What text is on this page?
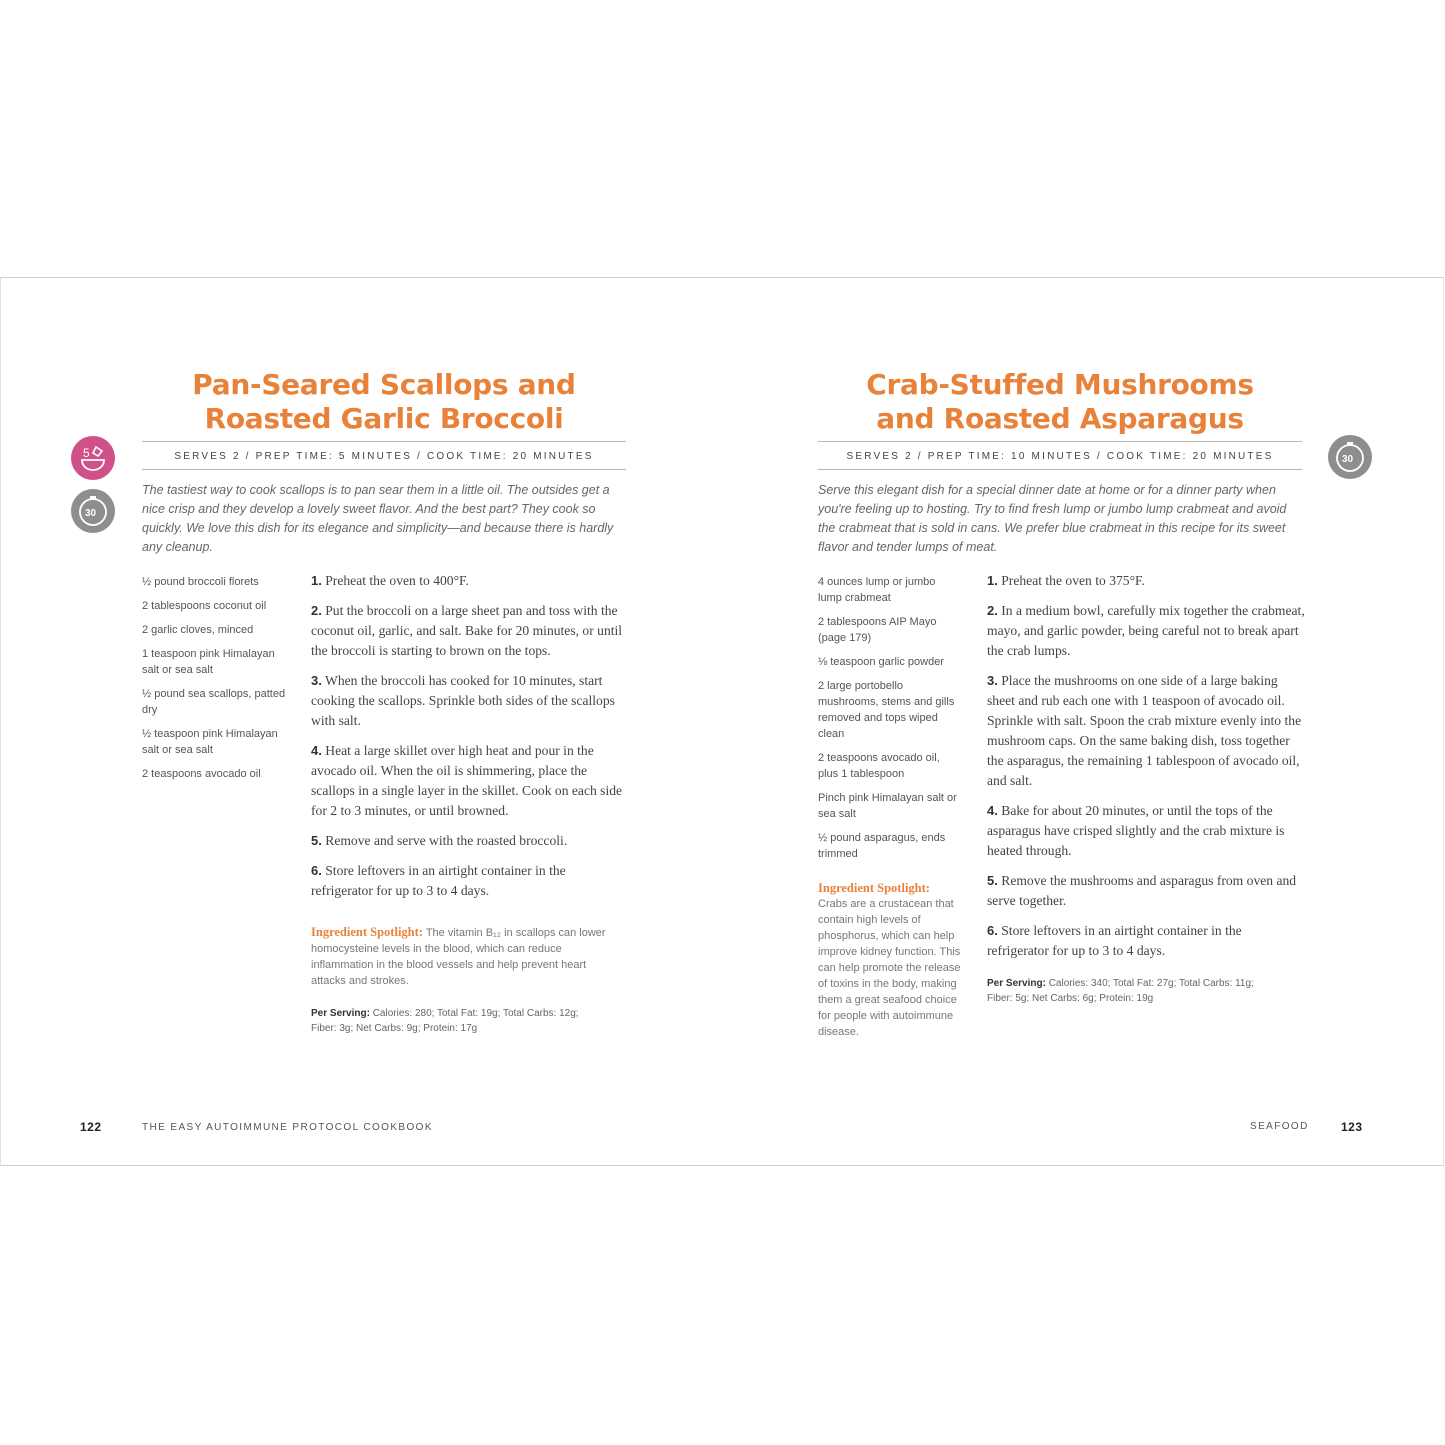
5
30
Pan-Seared Scallops and
Roasted Garlic Broccoli
SERVES 2 / PREP TIME: 5 MINUTES / COOK TIME: 20 MINUTES

The tastiest way to cook scallops is to pan sear them in a little oil. The outsides get a nice crisp and they develop a lovely sweet flavor. And the best part? They cook so quickly. We love this dish for its elegance and simplicity—and because there is hardly any cleanup.

½ pound broccoli florets
2 tablespoons coconut oil
2 garlic cloves, minced
1 teaspoon pink Himalayan salt or sea salt
½ pound sea scallops, patted dry
½ teaspoon pink Himalayan salt or sea salt
2 teaspoons avocado oil
1. Preheat the oven to 400°F.
2. Put the broccoli on a large sheet pan and toss with the coconut oil, garlic, and salt. Bake for 20 minutes, or until the broccoli is starting to brown on the tops.
3. When the broccoli has cooked for 10 minutes, start cooking the scallops. Sprinkle both sides of the scallops with salt.
4. Heat a large skillet over high heat and pour in the avocado oil. When the oil is shimmering, place the scallops in a single layer in the skillet. Cook on each side for 2 to 3 minutes, or until browned.
5. Remove and serve with the roasted broccoli.
6. Store leftovers in an airtight container in the refrigerator for up to 3 to 4 days.
Ingredient Spotlight: The vitamin B₁₂ in scallops can lower homocysteine levels in the blood, which can reduce inflammation in the blood vessels and help prevent heart attacks and strokes.
Per Serving: Calories: 280; Total Fat: 19g; Total Carbs: 12g; Fiber: 3g; Net Carbs: 9g; Protein: 17g
122	THE EASY AUTOIMMUNE PROTOCOL COOKBOOK
30
Crab-Stuffed Mushrooms
and Roasted Asparagus
SERVES 2 / PREP TIME: 10 MINUTES / COOK TIME: 20 MINUTES

Serve this elegant dish for a special dinner date at home or for a dinner party when you're feeling up to hosting. Try to find fresh lump or jumbo lump crabmeat and avoid the crabmeat that is sold in cans. We prefer blue crabmeat in this recipe for its sweet flavor and tender lumps of meat.

4 ounces lump or jumbo lump crabmeat
2 tablespoons AIP Mayo (page 179)
⅛ teaspoon garlic powder
2 large portobello mushrooms, stems and gills removed and tops wiped clean
2 teaspoons avocado oil, plus 1 tablespoon
Pinch pink Himalayan salt or sea salt
½ pound asparagus, ends trimmed
Ingredient Spotlight:
Crabs are a crustacean that contain high levels of phosphorus, which can help improve kidney function. This can help promote the release of toxins in the body, making them a great seafood choice for people with autoimmune disease.
1. Preheat the oven to 375°F.
2. In a medium bowl, carefully mix together the crabmeat, mayo, and garlic powder, being careful not to break apart the crab lumps.
3. Place the mushrooms on one side of a large baking sheet and rub each one with 1 teaspoon of avocado oil. Sprinkle with salt. Spoon the crab mixture evenly into the mushroom caps. On the same baking dish, toss together the asparagus, the remaining 1 tablespoon of avocado oil, and salt.
4. Bake for about 20 minutes, or until the tops of the asparagus have crisped slightly and the crab mixture is heated through.
5. Remove the mushrooms and asparagus from oven and serve together.
6. Store leftovers in an airtight container in the refrigerator for up to 3 to 4 days.
Per Serving: Calories: 340; Total Fat: 27g; Total Carbs: 11g; Fiber: 5g; Net Carbs: 6g; Protein: 19g
SEAFOOD	123
